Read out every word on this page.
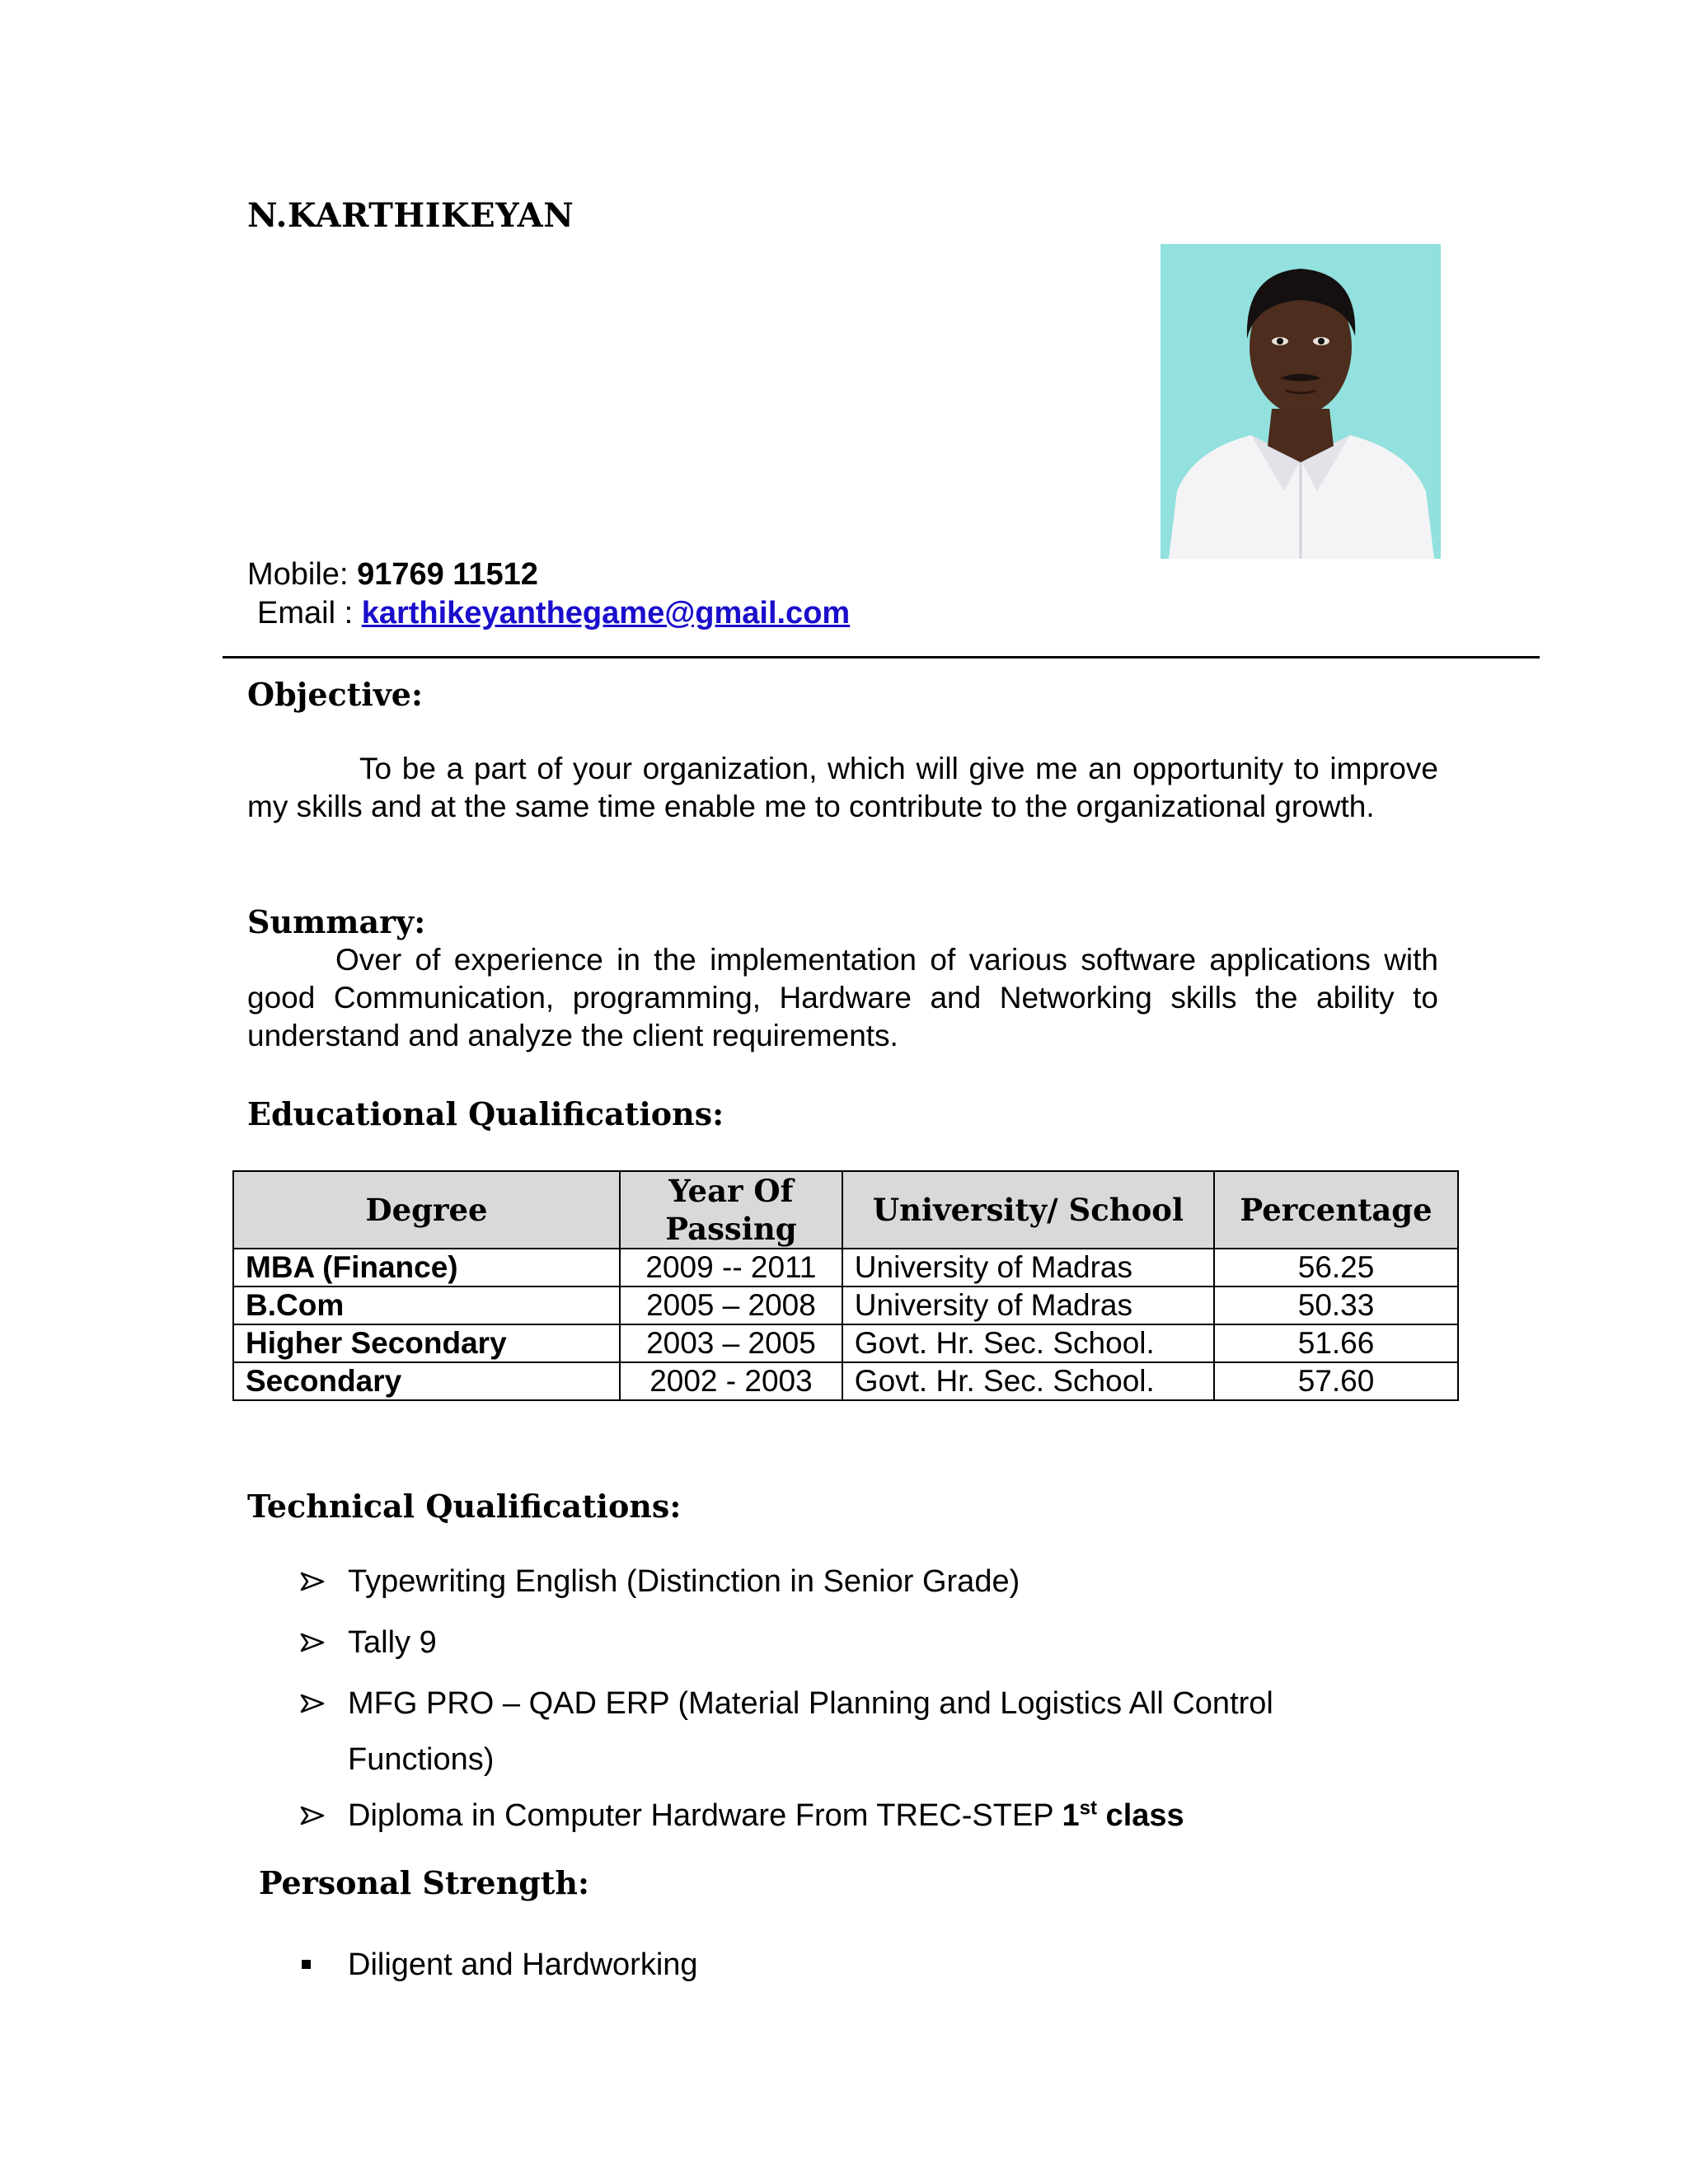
N.KARTHIKEYAN
Mobile: 91769 11512
Email : karthikeyanthegame@gmail.com
Objective:
To be a part of your organization, which will give me an opportunity to improve my skills and at the same time enable me to contribute to the organizational growth.
Summary:
Over of experience in the implementation of various software applications with good Communication, programming, Hardware and Networking skills the ability to understand and analyze the client requirements.
Educational Qualifications:
Degree	Year Of Passing	University/ School	Percentage
MBA (Finance)	2009 -- 2011	University of Madras	56.25
B.Com	2005 – 2008	University of Madras	50.33
Higher Secondary	2003 – 2005	Govt. Hr. Sec. School.	51.66
Secondary	2002 - 2003	Govt. Hr. Sec. School.	57.60
Technical Qualifications:
Typewriting English (Distinction in Senior Grade)
Tally 9
MFG PRO – QAD ERP (Material Planning and Logistics All Control
Functions)
Diploma in Computer Hardware From TREC-STEP 1st class
Personal Strength:
Diligent and Hardworking
